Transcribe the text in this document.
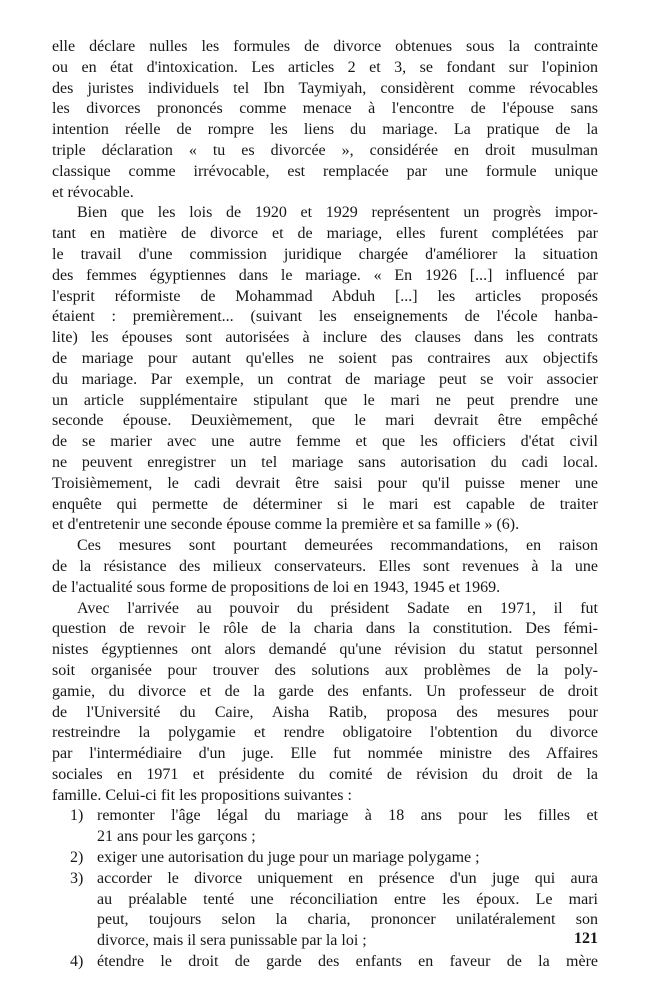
elle déclare nulles les formules de divorce obtenues sous la contrainte
ou en état d'intoxication. Les articles 2 et 3, se fondant sur l'opinion
des juristes individuels tel Ibn Taymiyah, considèrent comme révocables
les divorces prononcés comme menace à l'encontre de l'épouse sans
intention réelle de rompre les liens du mariage. La pratique de la
triple déclaration « tu es divorcée », considérée en droit musulman
classique comme irrévocable, est remplacée par une formule unique
et révocable.
Bien que les lois de 1920 et 1929 représentent un progrès impor-
tant en matière de divorce et de mariage, elles furent complétées par
le travail d'une commission juridique chargée d'améliorer la situation
des femmes égyptiennes dans le mariage. « En 1926 [...] influencé par
l'esprit réformiste de Mohammad Abduh [...] les articles proposés
étaient : premièrement... (suivant les enseignements de l'école hanba-
lite) les épouses sont autorisées à inclure des clauses dans les contrats
de mariage pour autant qu'elles ne soient pas contraires aux objectifs
du mariage. Par exemple, un contrat de mariage peut se voir associer
un article supplémentaire stipulant que le mari ne peut prendre une
seconde épouse. Deuxièmement, que le mari devrait être empêché
de se marier avec une autre femme et que les officiers d'état civil
ne peuvent enregistrer un tel mariage sans autorisation du cadi local.
Troisièmement, le cadi devrait être saisi pour qu'il puisse mener une
enquête qui permette de déterminer si le mari est capable de traiter
et d'entretenir une seconde épouse comme la première et sa famille » (6).
Ces mesures sont pourtant demeurées recommandations, en raison
de la résistance des milieux conservateurs. Elles sont revenues à la une
de l'actualité sous forme de propositions de loi en 1943, 1945 et 1969.
Avec l'arrivée au pouvoir du président Sadate en 1971, il fut
question de revoir le rôle de la charia dans la constitution. Des fémi-
nistes égyptiennes ont alors demandé qu'une révision du statut personnel
soit organisée pour trouver des solutions aux problèmes de la poly-
gamie, du divorce et de la garde des enfants. Un professeur de droit
de l'Université du Caire, Aisha Ratib, proposa des mesures pour
restreindre la polygamie et rendre obligatoire l'obtention du divorce
par l'intermédiaire d'un juge. Elle fut nommée ministre des Affaires
sociales en 1971 et présidente du comité de révision du droit de la
famille. Celui-ci fit les propositions suivantes :
1) remonter l'âge légal du mariage à 18 ans pour les filles et
21 ans pour les garçons ;
2) exiger une autorisation du juge pour un mariage polygame ;
3) accorder le divorce uniquement en présence d'un juge qui aura
au préalable tenté une réconciliation entre les époux. Le mari
peut, toujours selon la charia, prononcer unilatéralement son
divorce, mais il sera punissable par la loi ;
4) étendre le droit de garde des enfants en faveur de la mère
121
